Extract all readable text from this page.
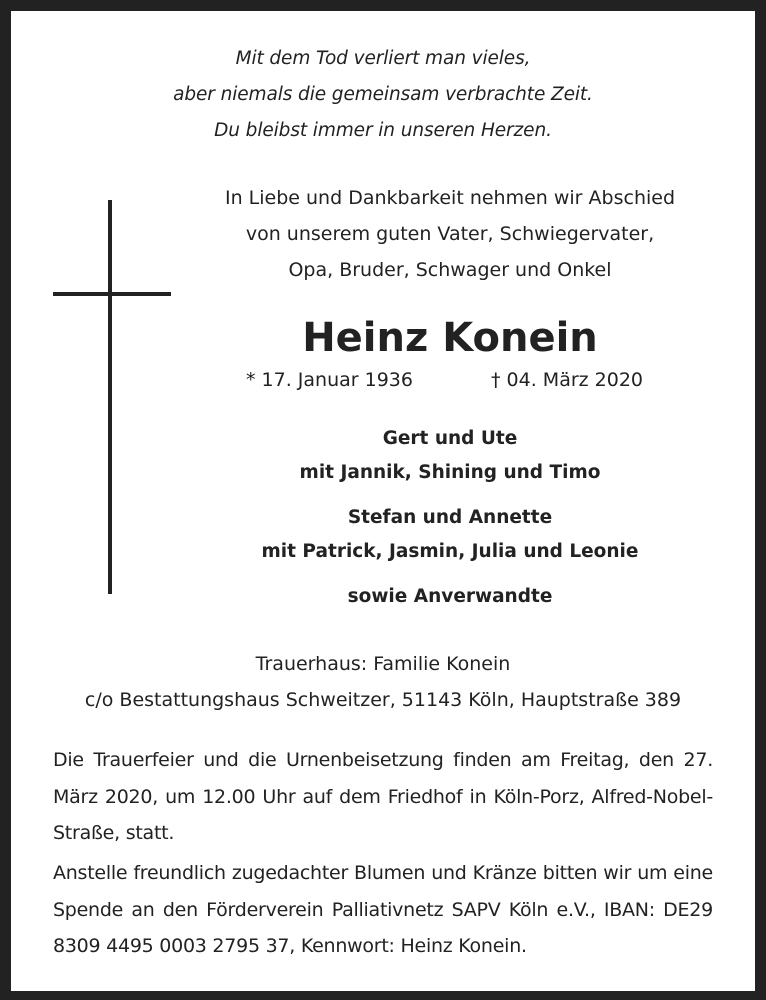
Mit dem Tod verliert man vieles,
aber niemals die gemeinsam verbrachte Zeit.
Du bleibst immer in unseren Herzen.
In Liebe und Dankbarkeit nehmen wir Abschied
von unserem guten Vater, Schwiegervater,
Opa, Bruder, Schwager und Onkel
Heinz Konein
* 17. Januar 1936	† 04. März 2020
Gert und Ute
mit Jannik, Shining und Timo
Stefan und Annette
mit Patrick, Jasmin, Julia und Leonie
sowie Anverwandte
Trauerhaus: Familie Konein
c/o Bestattungshaus Schweitzer, 51143 Köln, Hauptstraße 389
Die Trauerfeier und die Urnenbeisetzung finden am Freitag, den 27. März 2020, um 12.00 Uhr auf dem Friedhof in Köln-Porz, Alfred-Nobel-Straße, statt.
Anstelle freundlich zugedachter Blumen und Kränze bitten wir um eine Spende an den Förderverein Palliativnetz SAPV Köln e.V., IBAN: DE29 8309 4495 0003 2795 37, Kennwort: Heinz Konein.
